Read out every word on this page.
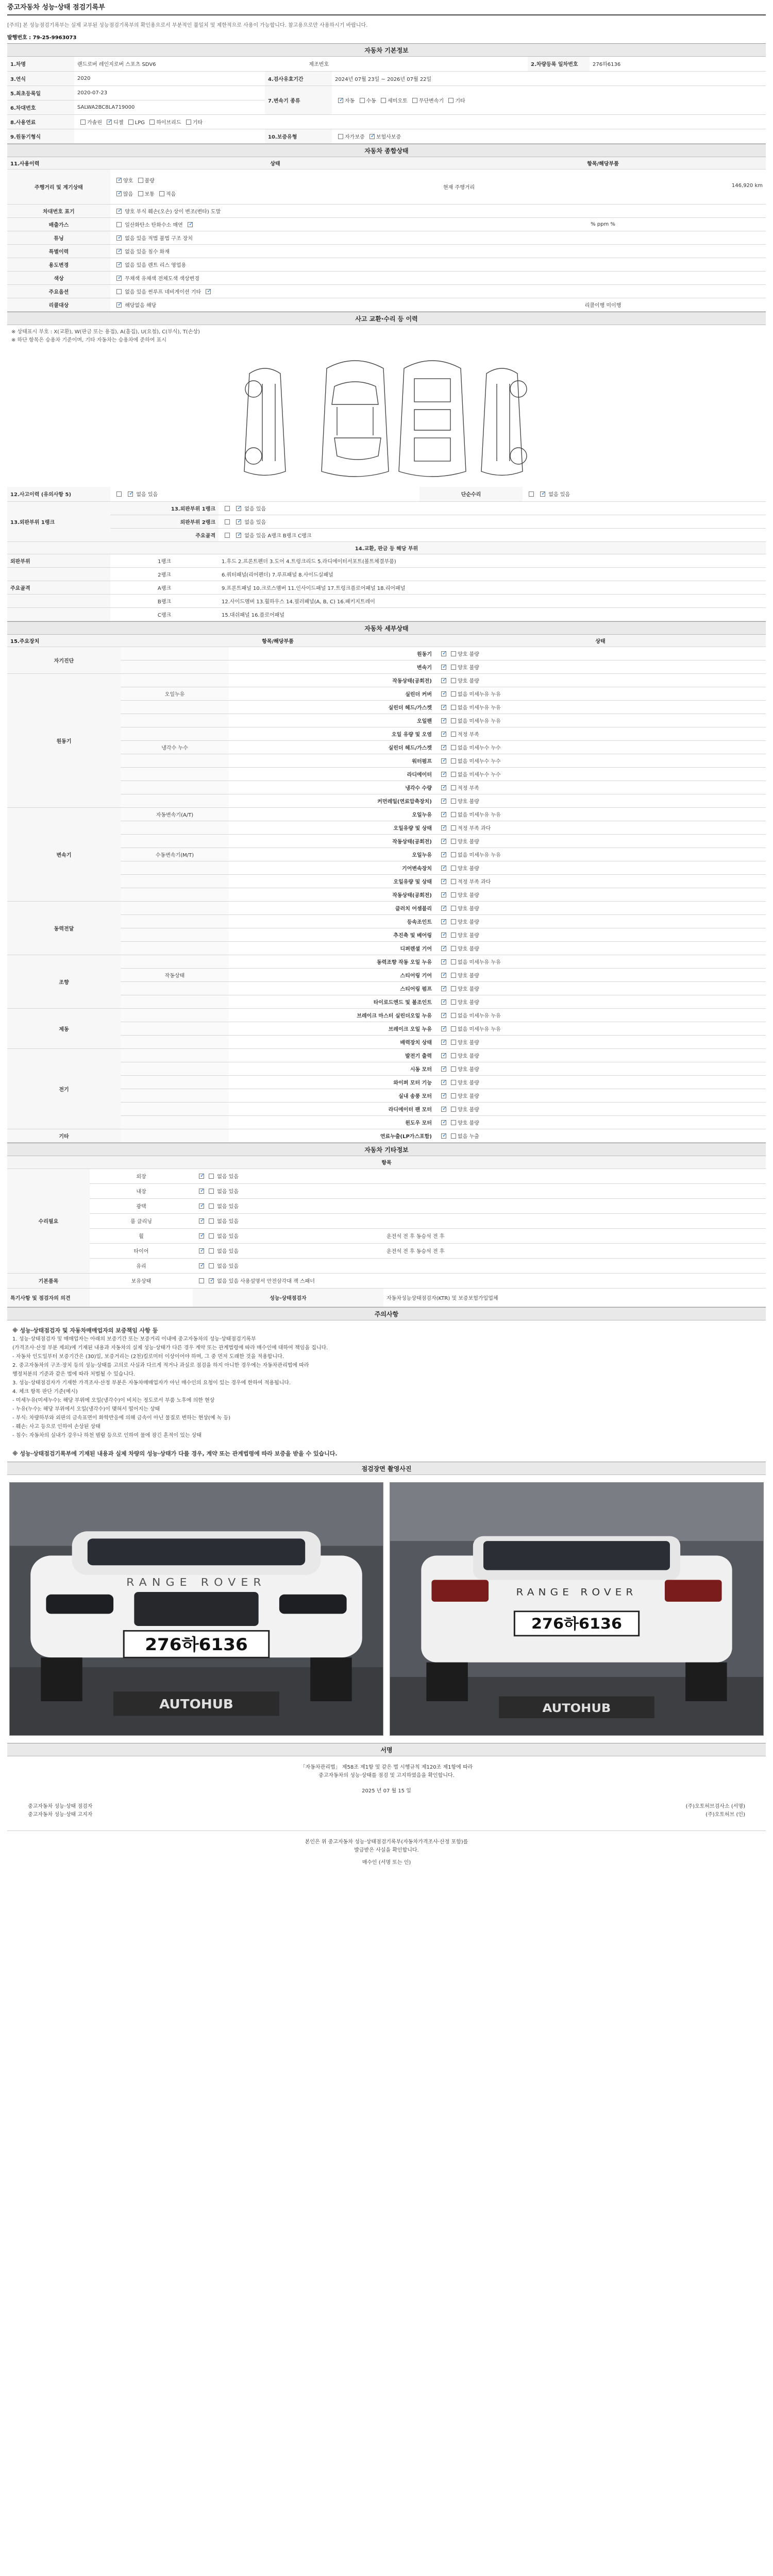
중고자동차 성능·상태 점검기록부
[주의] 본 성능점검기록부는 실제 교부된 성능점검기록부의 확인용으로서 부분적인 불일치 및 제한적으로 사용이 가능합니다. 참고용으로만 사용하시기 바랍니다.
발행번호 : 79-25-9963073
자동차 기본정보
1.차명	랜드로버 레인지로버 스포츠 SDV6	제조번호		2.차량등록 일차번호	276하6136
3.연식	2020	4.검사유효기간	2024년 07월 23일 ~ 2026년 07월 22일		
5.최초등록일	2020-07-23	7.변속기 종류	✓자동 수동 세미오토 무단변속기 기타
6.차대번호	SALWA2BC8LA719000				
8.사용연료	가솔린 ✓디젤 LPG 하이브리드 기타
9.원동기형식		10.보증유형	자가보증 ✓보험사보증
자동차 종합상태
11.사용이력	상태	항목/해당부품
주행거리 및 계기상태	✓양호 불량

✓많음 보통 적음	현재 주행거리 146,920 km

차대번호 표기	✓양호 부식 훼손(오손) 상이 변조(변타) 도말
배출가스	일산화탄소 탄화수소 매연 ✓	% ppm %
튜닝	✓없음 있음 적법 불법 구조 장치
특별이력	✓없음 있음 침수 화재
용도변경	✓없음 있음 렌트 리스 영업용
색상	✓무채색 유채색 전체도색 색상변경
주요옵션	없음 있음 썬루프 네비게이션 기타 ✓
리콜대상	✓해당없음 해당	리콜이행 미이행
사고 교환·수리 등 이력
※ 상태표시 부호 : X(교환), W(판금 또는 용접), A(흠집), U(요철), C(부식), T(손상)
※ 하단 항목은 승용차 기준이며, 기타 자동차는 승용차에 준하여 표시
12.사고이력 (유의사항 5)	✓없음 있음		단순수리	✓없음 있음
13.외판부위 1랭크	13.외판부위 1랭크	✓없음 있음
	외판부위 2랭크	✓없음 있음
	주요골격	✓없음 있음 A랭크 B랭크 C랭크
14.교환, 판금 등 해당 부위				
외판부위	1랭크	1.후드 2.프론트펜더 3.도어 4.트렁크리드 5.라디에이터서포트(볼트체결부품)		
	2랭크	6.쿼터패널(리어펜더) 7.루프패널 8.사이드실패널		
주요골격	A랭크	9.프론트패널 10.크로스멤버 11.인사이드패널 17.트렁크플로어패널 18.리어패널		
	B랭크	12.사이드멤버 13.휠하우스 14.필러패널(A, B, C) 16.패키지트레이		
	C랭크	15.대쉬패널 16.플로어패널		
자동차 세부상태
15.주요장치	항목/해당부품		상태
자기진단		원동기	✓양호 불량
		변속기	✓양호 불량
원동기		작동상태(공회전)	✓양호 불량
	오일누유	실린더 커버	✓없음 미세누유 누유
		실린더 헤드/가스켓	✓없음 미세누유 누유
		오일팬	✓없음 미세누유 누유
		오일 유량 및 오염	✓적정 부족
	냉각수 누수	실린더 헤드/가스켓	✓없음 미세누수 누수
		워터펌프	✓없음 미세누수 누수
		라디에이터	✓없음 미세누수 누수
		냉각수 수량	✓적정 부족
		커먼레일(연료압축장치)	✓양호 불량
변속기	자동변속기(A/T)	오일누유	✓없음 미세누유 누유
		오일유량 및 상태	✓적정 부족 과다
		작동상태(공회전)	✓양호 불량
	수동변속기(M/T)	오일누유	✓없음 미세누유 누유
		기어변속장치	✓양호 불량
		오일유량 및 상태	✓적정 부족 과다
		작동상태(공회전)	✓양호 불량
동력전달		클러치 어셈블리	✓양호 불량
		등속조인트	✓양호 불량
		추진축 및 베어링	✓양호 불량
		디퍼렌셜 기어	✓양호 불량
조향		동력조향 작동 오일 누유	✓없음 미세누유 누유
	작동상태	스티어링 기어	✓양호 불량
		스티어링 펌프	✓양호 불량
		타이로드엔드 및 볼조인트	✓양호 불량
제동		브레이크 마스터 실린더오일 누유	✓없음 미세누유 누유
		브레이크 오일 누유	✓없음 미세누유 누유
		배력장치 상태	✓양호 불량
전기		발전기 출력	✓양호 불량
		시동 모터	✓양호 불량
		와이퍼 모터 기능	✓양호 불량
		실내 송풍 모터	✓양호 불량
		라디에이터 팬 모터	✓양호 불량
		윈도우 모터	✓양호 불량
기타		연료누출(LP가스포함)	✓없음 누출
자동차 기타정보
항목			
수리필요	외장	✓없음 있음
	내장	✓없음 있음
	광택	✓없음 있음
	룸 클리닝	✓없음 있음
	휠	✓없음 있음	운전석 전 후 동승석 전 후
	타이어	✓없음 있음	운전석 전 후 동승석 전 후
	유리	✓없음 있음
기본품목	보유상태	✓없음 있음 사용설명서 안전삼각대 잭 스패너
특기사항 및 점검자의 의견		성능·상태점검자	자동차성능상태점검자(KTR) 및 보증보험가입업체
주의사항

※ 성능·상태점검자 및 자동차매매업자의 보증책임 사항 등

1. 성능·상태점검자 및 매매업자는 아래의 보증기간 또는 보증거리 이내에 중고자동차의 성능·상태점검기록부

(가격조사·산정 부분 제외)에 기재된 내용과 자동차의 실제 성능·상태가 다른 경우 계약 또는 관계법령에 따라 매수인에 대하여 책임을 집니다.

- 자동차 인도일부터 보증기간은 (30)일, 보증거리는 (2천)킬로미터 이상이어야 하며, 그 중 먼저 도래한 것을 적용합니다.

2. 중고자동차의 구조·장치 등의 성능·상태를 고의로 사실과 다르게 적거나 과실로 점검을 하지 아니한 경우에는 자동차관리법에 따라

행정처분의 기준과 같은 법에 따라 처벌될 수 있습니다.

3. 성능·상태점검자가 기재한 가격조사·산정 부분은 자동차매매업자가 아닌 매수인의 요청이 있는 경우에 한하여 적용됩니다.

4. 체크 항목 판단 기준(예시)

- 미세누유(미세누수): 해당 부위에 오일(냉각수)이 비치는 정도로서 부품 노후에 의한 현상

- 누유(누수): 해당 부위에서 오일(냉각수)이 맺혀서 떨어지는 상태

- 부식: 차량하부와 외판의 금속표면이 화학반응에 의해 금속이 아닌 물질로 변하는 현상(예 녹 등)

- 훼손: 사고 등으로 인하여 손상된 상태

- 침수: 자동차의 실내가 강우나 하천 범람 등으로 인하여 물에 잠긴 흔적이 있는 상태

※ 성능·상태점검기록부에 기재된 내용과 실제 차량의 성능·상태가 다를 경우, 계약 또는 관계법령에 따라 보증을 받을 수 있습니다.

점검장면 촬영사진
RANGE ROVER
276하6136
AUTOHUB
RANGE ROVER
276하6136
AUTOHUB
서명

「자동차관리법」 제58조 제1항 및 같은 법 시행규칙 제120조 제1항에 따라

중고자동차의 성능·상태를 점검 및 고지하였음을 확인합니다.

2025 년 07 월 15 일

중고자동차 성능·상태 점검자	(주)오토허브검사소 (서명)
중고자동차 성능·상태 고지자	(주)오토허브 (인)

본인은 위 중고자동차 성능·상태점검기록부(자동차가격조사·산정 포함)를

발급받은 사실을 확인합니다.

매수인 (서명 또는 인)
